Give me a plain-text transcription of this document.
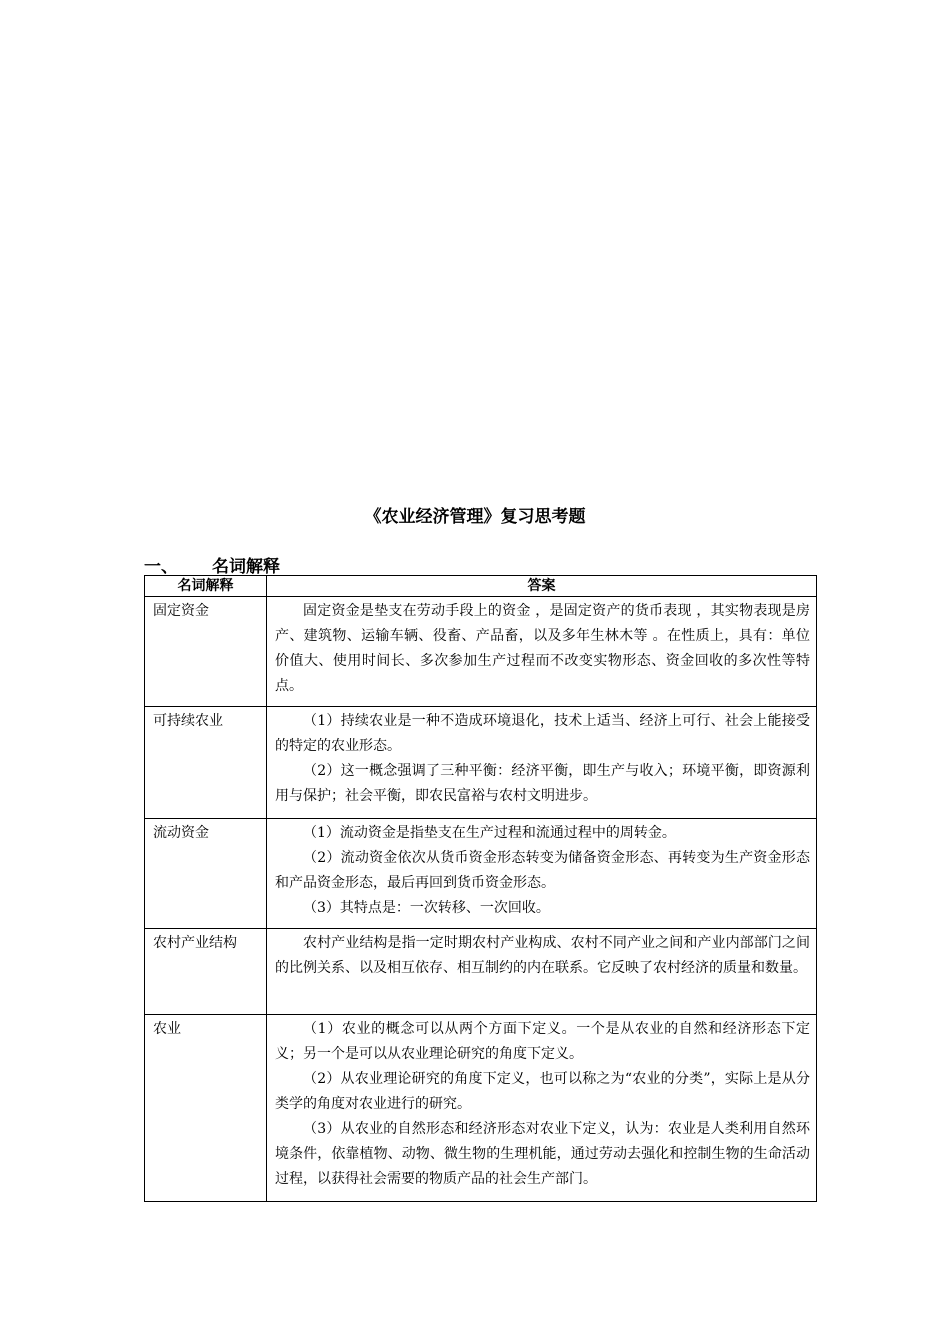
《农业经济管理》复习思考题
一、 名词解释
名词解释	答案
固定资金	固定资金是垫支在劳动手段上的资金 ，是固定资产的货币表现 ，其实物表现是房产、建筑物、运输车辆、役畜、产品畜，以及多年生林木等 。在性质上，具有：单位价值大、使用时间长、多次参加生产过程而不改变实物形态、资金回收的多次性等特点。

可持续农业	（1）持续农业是一种不造成环境退化，技术上适当、经济上可行、社会上能接受的特定的农业形态。

（2）这一概念强调了三种平衡：经济平衡，即生产与收入；环境平衡，即资源利用与保护；社会平衡，即农民富裕与农村文明进步。

流动资金	（1）流动资金是指垫支在生产过程和流通过程中的周转金。

（2）流动资金依次从货币资金形态转变为储备资金形态、再转变为生产资金形态和产品资金形态，最后再回到货币资金形态。

（3）其特点是：一次转移、一次回收。

农村产业结构	农村产业结构是指一定时期农村产业构成、农村不同产业之间和产业内部部门之间的比例关系、以及相互依存、相互制约的内在联系。它反映了农村经济的质量和数量。

农业	（1）农业的概念可以从两个方面下定义。一个是从农业的自然和经济形态下定义；另一个是可以从农业理论研究的角度下定义。

（2）从农业理论研究的角度下定义，也可以称之为“农业的分类”，实际上是从分类学的角度对农业进行的研究。

（3）从农业的自然形态和经济形态对农业下定义，认为：农业是人类利用自然环境条件，依靠植物、动物、微生物的生理机能，通过劳动去强化和控制生物的生命活动过程，以获得社会需要的物质产品的社会生产部门。
